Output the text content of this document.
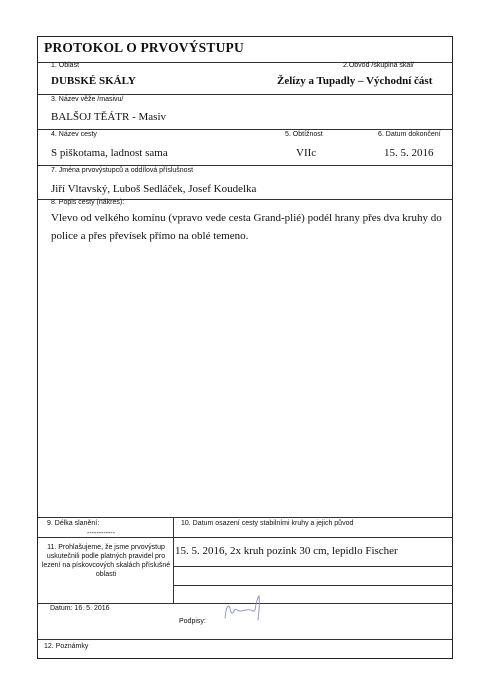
PROTOKOL O PRVOVÝSTUPU
1. Oblast
DUBSKÉ SKÁLY
2.Obvod /skupina skal/
Želízy a Tupadly – Východní část
3. Název věže /masivu/
BALŠOJ TĚÁTR - Masiv
4. Název cesty
S piškotama, ladnost sama
5. Obtížnost
VIIc
6. Datum dokončení
15. 5. 2016
7. Jména prvovýstupců a oddílová příslušnost
Jiří Vltavský, Luboš Sedláček, Josef Koudelka
8. Popis cesty (nákres):
Vlevo od velkého komínu (vpravo vede cesta Grand-plié) podél hrany přes dva kruhy do police a přes převísek přímo na oblé temeno.
9. Délka slanění:
------------
10. Datum osazení cesty stabilními kruhy a jejich původ
11. Prohlašujeme, že jsme prvovýstup uskutečnili podle platných pravidel pro lezení na pískovcových skalách příslušné oblasti
15. 5. 2016, 2x kruh pozink 30 cm, lepidlo Fischer
Datum: 16. 5. 2016
Podpisy:
12. Poznámky
